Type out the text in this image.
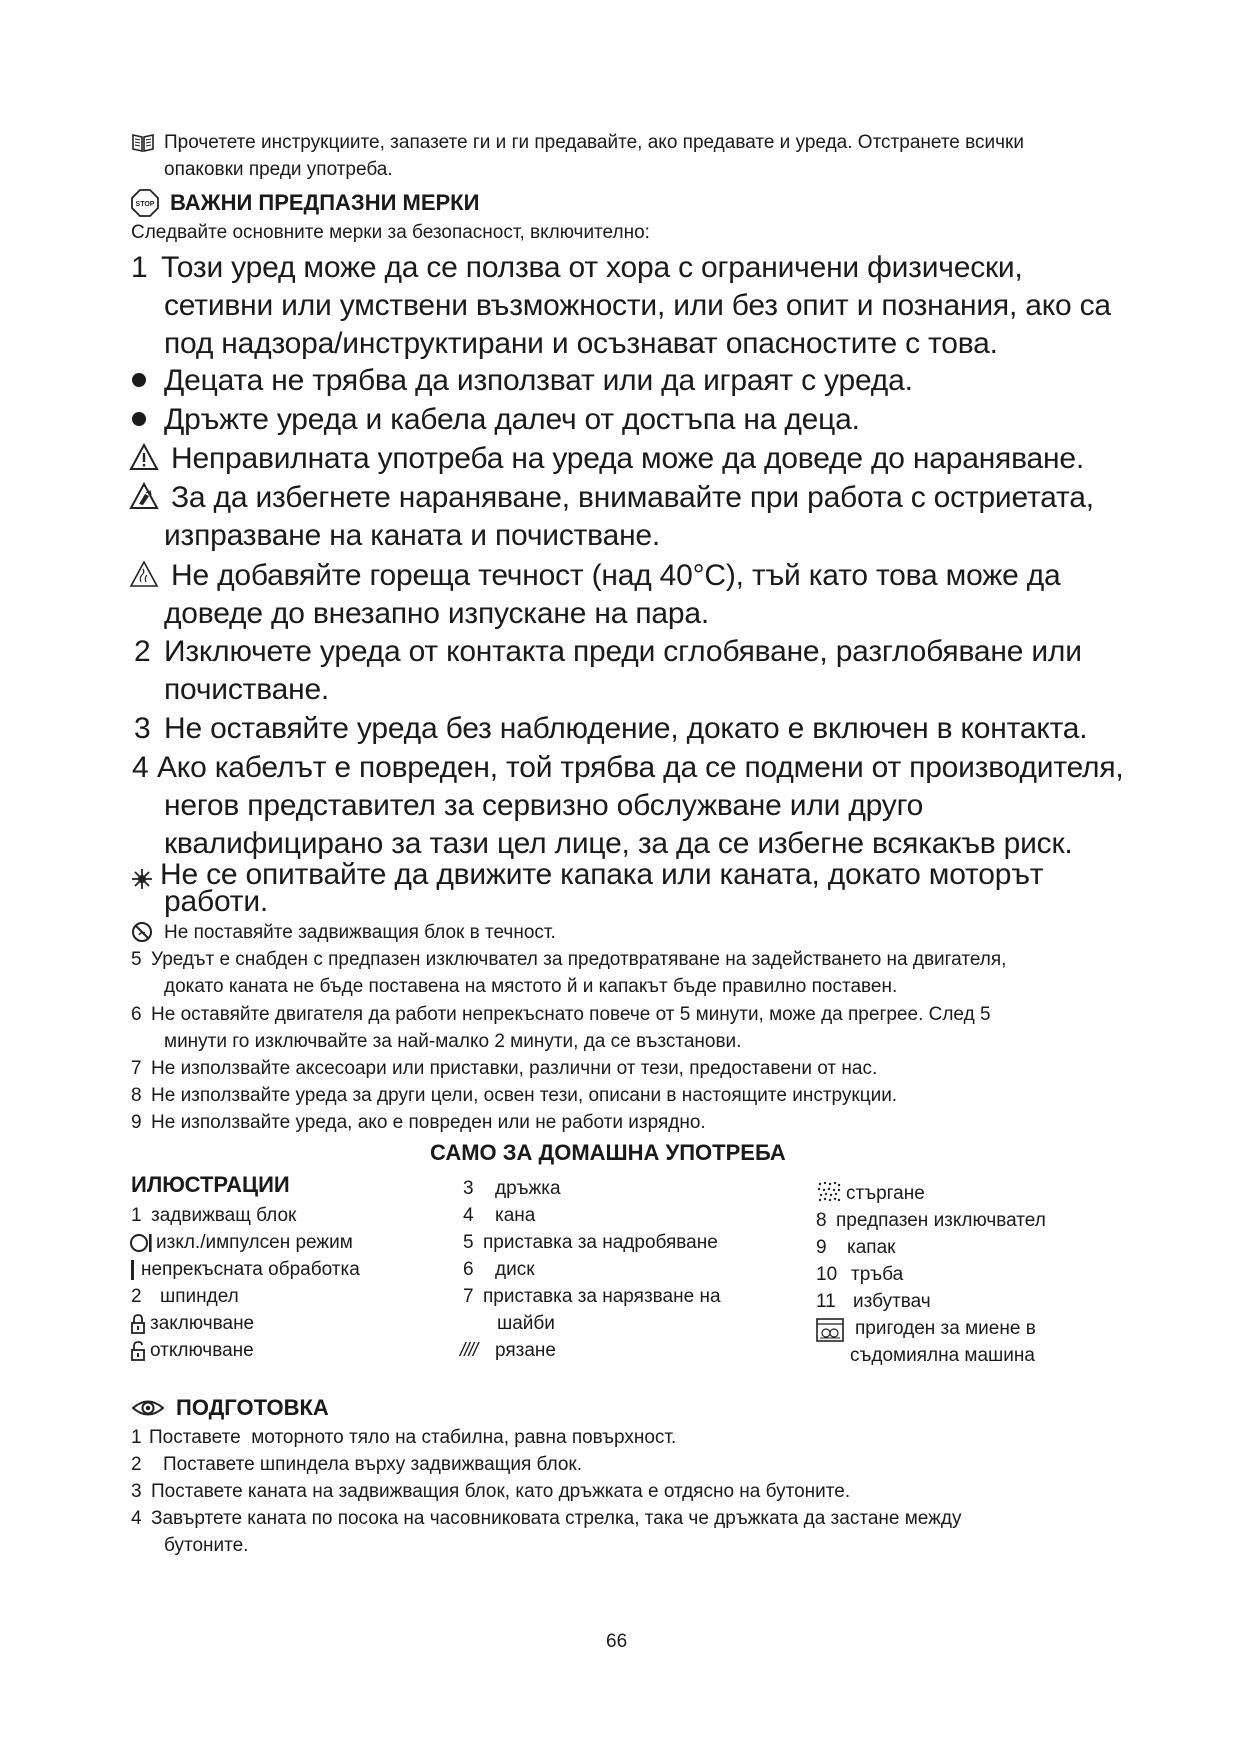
Прочетете инструкциите, запазете ги и ги предавайте, ако предавате и уреда. Отстранете всички
опаковки преди употреба.
STOP ВАЖНИ ПРЕДПАЗНИ МЕРКИ
Следвайте основните мерки за безопасност, включително:
1 Този уред може да се ползва от хора с ограничени физически,
сетивни или умствени възможности, или без опит и познания, ако са
под надзора/инструктирани и осъзнават опасностите с това.
Децата не трябва да използват или да играят с уреда.
Дръжте уреда и кабела далеч от достъпа на деца.
Неправилната употреба на уреда може да доведе до нараняване.
За да избегнете нараняване, внимавайте при работа с остриетата,
изпразване на каната и почистване.
Не добавяйте гореща течност (над 40°C), тъй като това може да
доведе до внезапно изпускане на пара.
2 Изключете уреда от контакта преди сглобяване, разглобяване или
почистване.
3 Не оставяйте уреда без наблюдение, докато е включен в контакта.
4 Ако кабелът е повреден, той трябва да се подмени от производителя,
негов представител за сервизно обслужване или друго
квалифицирано за тази цел лице, за да се избегне всякакъв риск.
Не се опитвайте да движите капака или каната, докато моторът
работи.
Не поставяйте задвижващия блок в течност.
5 Уредът е снабден с предпазен изключвател за предотвратяване на задействането на двигателя,
докато каната не бъде поставена на мястото й и капакът бъде правилно поставен.
6 Не оставяйте двигателя да работи непрекъснато повече от 5 минути, може да прегрее. След 5
минути го изключвайте за най-малко 2 минути, да се възстанови.
7 Не използвайте аксесоари или приставки, различни от тези, предоставени от нас.
8 Не използвайте уреда за други цели, освен тези, описани в настоящите инструкции.
9 Не използвайте уреда, ако е повреден или не работи изрядно.
САМО ЗА ДОМАШНА УПОТРЕБА
ИЛЮСТРАЦИИ
1 задвижващ блок
изкл./импулсен режим
непрекъсната обработка
2 шпиндел
заключване
отключване
3 дръжка
4 кана
5 приставка за надробяване
6 диск
7 приставка за нарязване на
шайби
//// рязане
стъргане
8 предпазен изключвател
9 капак
10 тръба
11 избутвач
пригоден за миене в
съдомиялна машина
ПОДГОТОВКА
1 Поставете  моторното тяло на стабилна, равна повърхност.
2 Поставете шпиндела върху задвижващия блок.
3 Поставете каната на задвижващия блок, като дръжката е отдясно на бутоните.
4 Завъртете каната по посока на часовниковата стрелка, така че дръжката да застане между
бутоните.
66
